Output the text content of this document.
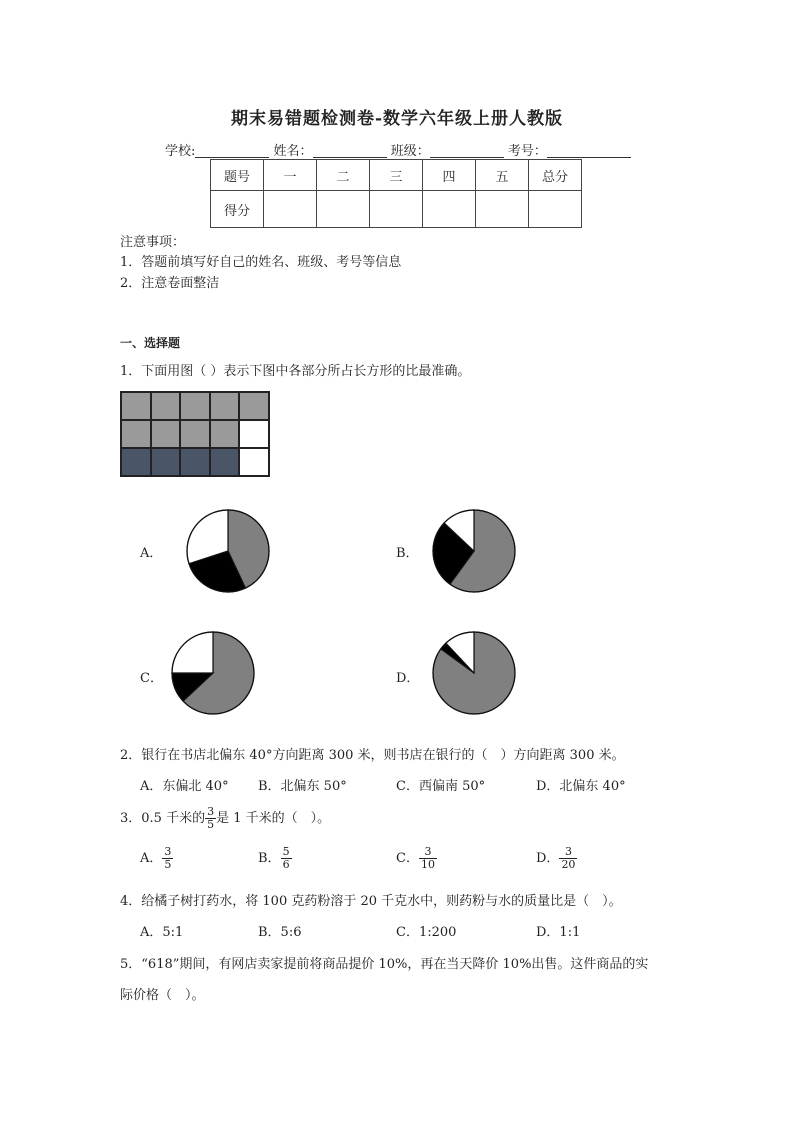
期末易错题检测卷-数学六年级上册人教版
学校:	姓名：	班级：	考号：
题号	一	二	三	四	五	总分
得分						
注意事项：
1．答题前填写好自己的姓名、班级、考号等信息
2．注意卷面整洁
一、选择题
1．下面用图（ ）表示下图中各部分所占长方形的比最准确。
A．	B．
C．	D．
2．银行在书店北偏东 40°方向距离 300 米，则书店在银行的（　）方向距离 300 米。
A．东偏北 40° B．北偏东 50°	C．西偏南 50°	D．北偏东 40°
3．0.5 千米的 $\frac{3}{5}$ 是 1 千米的（　）。
A． $\frac{3}{5}$	B． $\frac{5}{6}$	C． $\frac{3}{10}$	D． $\frac{3}{20}$
4．给橘子树打药水，将 100 克药粉溶于 20 千克水中，则药粉与水的质量比是（　）。
A．5:1	B．5:6	C．1:200	D．1:1
5．“618”期间，有网店卖家提前将商品提价 10%，再在当天降价 10%出售。这件商品的实
际价格（　）。
